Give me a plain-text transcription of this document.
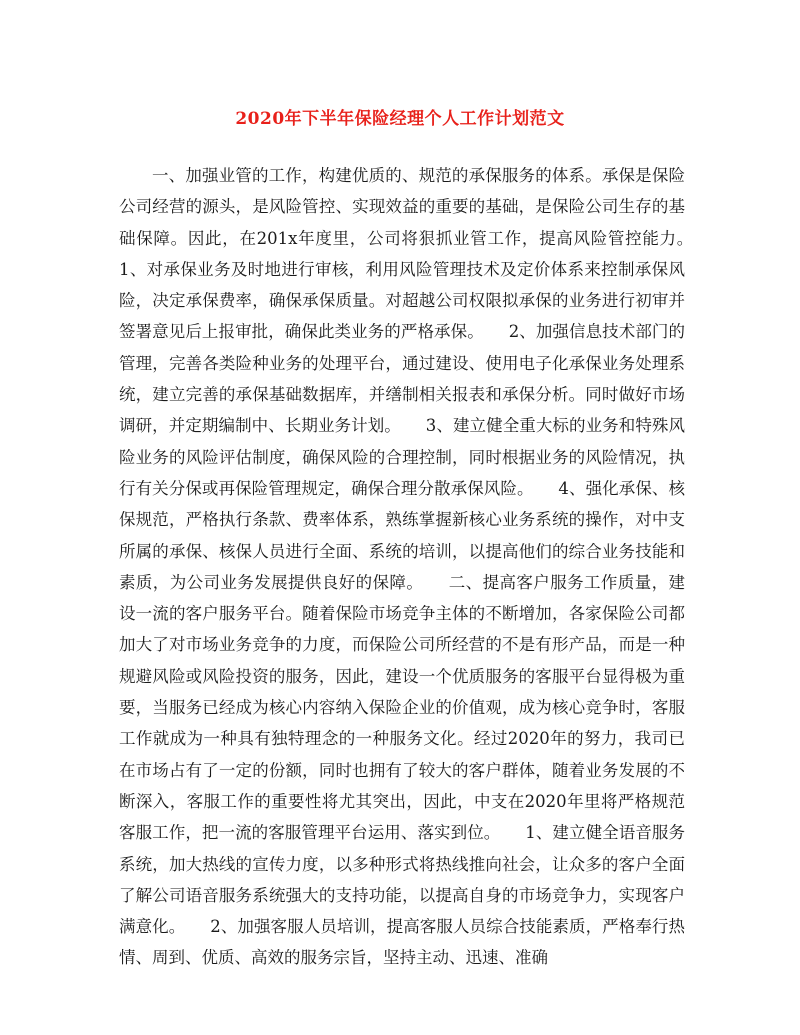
2020年下半年保险经理个人工作计划范文

一、加强业管的工作，构建优质的、规范的承保服务的体系。承保是保险公司经营的源头，是风险管控、实现效益的重要的基础，是保险公司生存的基础保障。因此，在201x年度里，公司将狠抓业管工作，提高风险管控能力。　　1、对承保业务及时地进行审核，利用风险管理技术及定价体系来控制承保风险，决定承保费率，确保承保质量。对超越公司权限拟承保的业务进行初审并签署意见后上报审批，确保此类业务的严格承保。　　2、加强信息技术部门的管理，完善各类险种业务的处理平台，通过建设、使用电子化承保业务处理系统，建立完善的承保基础数据库，并缮制相关报表和承保分析。同时做好市场调研，并定期编制中、长期业务计划。　　3、建立健全重大标的业务和特殊风险业务的风险评估制度，确保风险的合理控制，同时根据业务的风险情况，执行有关分保或再保险管理规定，确保合理分散承保风险。　　4、强化承保、核保规范，严格执行条款、费率体系，熟练掌握新核心业务系统的操作，对中支所属的承保、核保人员进行全面、系统的培训，以提高他们的综合业务技能和素质，为公司业务发展提供良好的保障。　　二、提高客户服务工作质量，建设一流的客户服务平台。随着保险市场竞争主体的不断增加，各家保险公司都加大了对市场业务竞争的力度，而保险公司所经营的不是有形产品，而是一种规避风险或风险投资的服务，因此，建设一个优质服务的客服平台显得极为重要，当服务已经成为核心内容纳入保险企业的价值观，成为核心竞争时，客服工作就成为一种具有独特理念的一种服务文化。经过2020年的努力，我司已在市场占有了一定的份额，同时也拥有了较大的客户群体，随着业务发展的不断深入，客服工作的重要性将尤其突出，因此，中支在2020年里将严格规范客服工作，把一流的客服管理平台运用、落实到位。　　1、建立健全语音服务系统，加大热线的宣传力度，以多种形式将热线推向社会，让众多的客户全面了解公司语音服务系统强大的支持功能，以提高自身的市场竞争力，实现客户满意化。　　2、加强客服人员培训，提高客服人员综合技能素质，严格奉行热情、周到、优质、高效的服务宗旨，坚持主动、迅速、准确
